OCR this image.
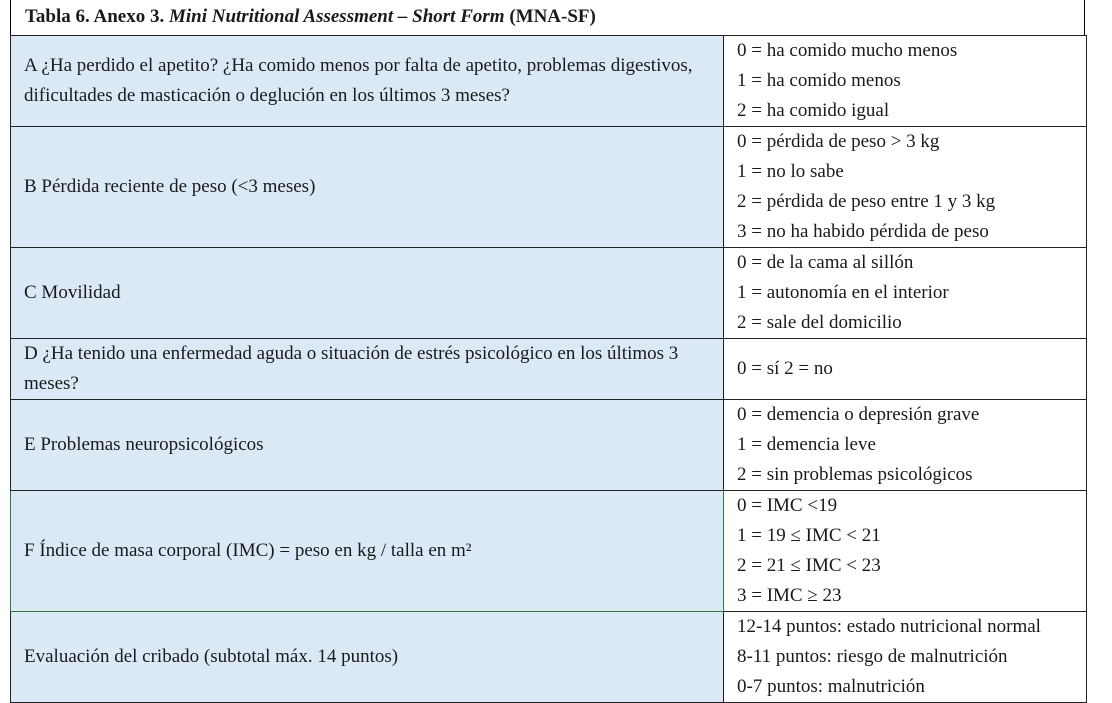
Tabla 6. Anexo 3. Mini Nutritional Assessment – Short Form (MNA-SF)
A ¿Ha perdido el apetito? ¿Ha comido menos por falta de apetito, problemas digestivos, dificultades de masticación o deglución en los últimos 3 meses?	0 = ha comido mucho menos
1 = ha comido menos
2 = ha comido igual

B Pérdida reciente de peso (<3 meses)	0 = pérdida de peso > 3 kg
1 = no lo sabe
2 = pérdida de peso entre 1 y 3 kg
3 = no ha habido pérdida de peso

C Movilidad	0 = de la cama al sillón
1 = autonomía en el interior
2 = sale del domicilio

D ¿Ha tenido una enfermedad aguda o situación de estrés psicológico en los últimos 3 meses?	0 = sí 2 = no

E Problemas neuropsicológicos	0 = demencia o depresión grave
1 = demencia leve
2 = sin problemas psicológicos

F Índice de masa corporal (IMC) = peso en kg / talla en m²	0 = IMC <19
1 = 19 ≤ IMC < 21
2 = 21 ≤ IMC < 23
3 = IMC ≥ 23

Evaluación del cribado (subtotal máx. 14 puntos)	12-14 puntos: estado nutricional normal
8-11 puntos: riesgo de malnutrición
0-7 puntos: malnutrición
